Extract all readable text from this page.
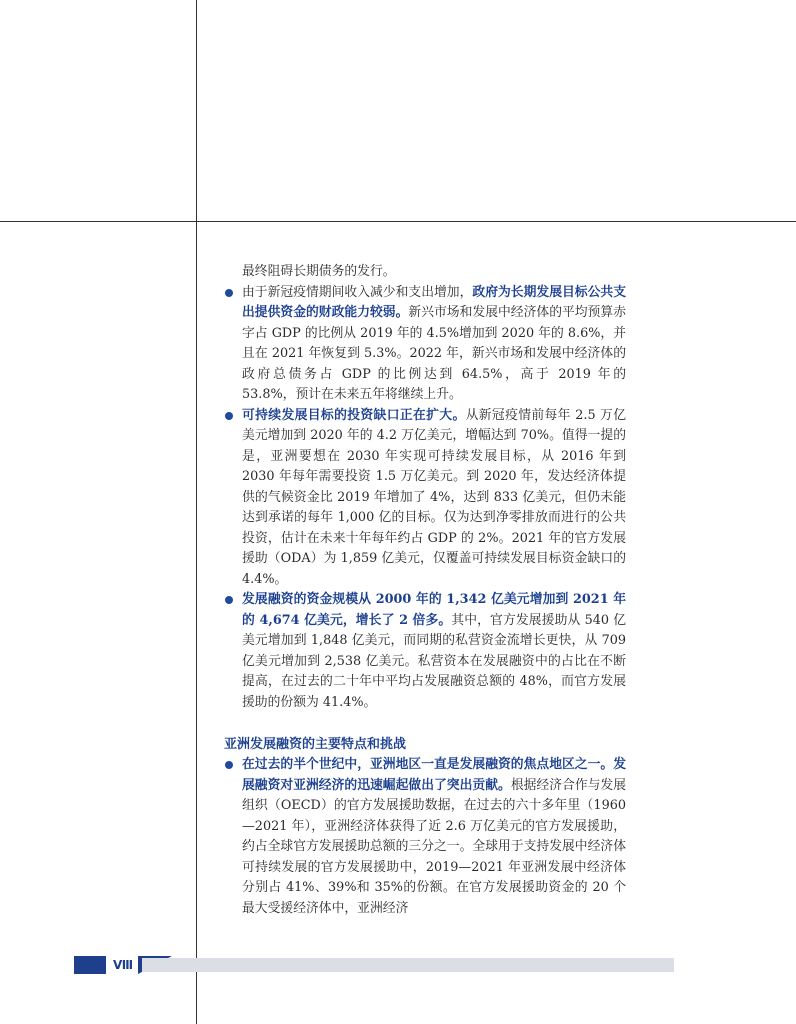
最终阻碍长期债务的发行。

由于新冠疫情期间收入减少和支出增加，政府为长期发展目标公共支出提供资金的财政能力较弱。新兴市场和发展中经济体的平均预算赤字占 GDP 的比例从 2019 年的 4.5%增加到 2020 年的 8.6%，并且在 2021 年恢复到 5.3%。2022 年，新兴市场和发展中经济体的政府总债务占 GDP 的比例达到 64.5%，高于 2019 年的 53.8%，预计在未来五年将继续上升。

可持续发展目标的投资缺口正在扩大。从新冠疫情前每年 2.5 万亿美元增加到 2020 年的 4.2 万亿美元，增幅达到 70%。值得一提的是，亚洲要想在 2030 年实现可持续发展目标，从 2016 年到 2030 年每年需要投资 1.5 万亿美元。到 2020 年，发达经济体提供的气候资金比 2019 年增加了 4%，达到 833 亿美元，但仍未能达到承诺的每年 1,000 亿的目标。仅为达到净零排放而进行的公共投资，估计在未来十年每年约占 GDP 的 2%。2021 年的官方发展援助（ODA）为 1,859 亿美元，仅覆盖可持续发展目标资金缺口的 4.4%。

发展融资的资金规模从 2000 年的 1,342 亿美元增加到 2021 年的 4,674 亿美元，增长了 2 倍多。其中，官方发展援助从 540 亿美元增加到 1,848 亿美元，而同期的私营资金流增长更快，从 709 亿美元增加到 2,538 亿美元。私营资本在发展融资中的占比在不断提高，在过去的二十年中平均占发展融资总额的 48%，而官方发展援助的份额为 41.4%。

亚洲发展融资的主要特点和挑战

在过去的半个世纪中，亚洲地区一直是发展融资的焦点地区之一。发展融资对亚洲经济的迅速崛起做出了突出贡献。根据经济合作与发展组织（OECD）的官方发展援助数据，在过去的六十多年里（1960—2021 年），亚洲经济体获得了近 2.6 万亿美元的官方发展援助，约占全球官方发展援助总额的三分之一。全球用于支持发展中经济体可持续发展的官方发展援助中，2019—2021 年亚洲发展中经济体分别占 41%、39%和 35%的份额。在官方发展援助资金的 20 个最大受援经济体中，亚洲经济

Ⅷ
